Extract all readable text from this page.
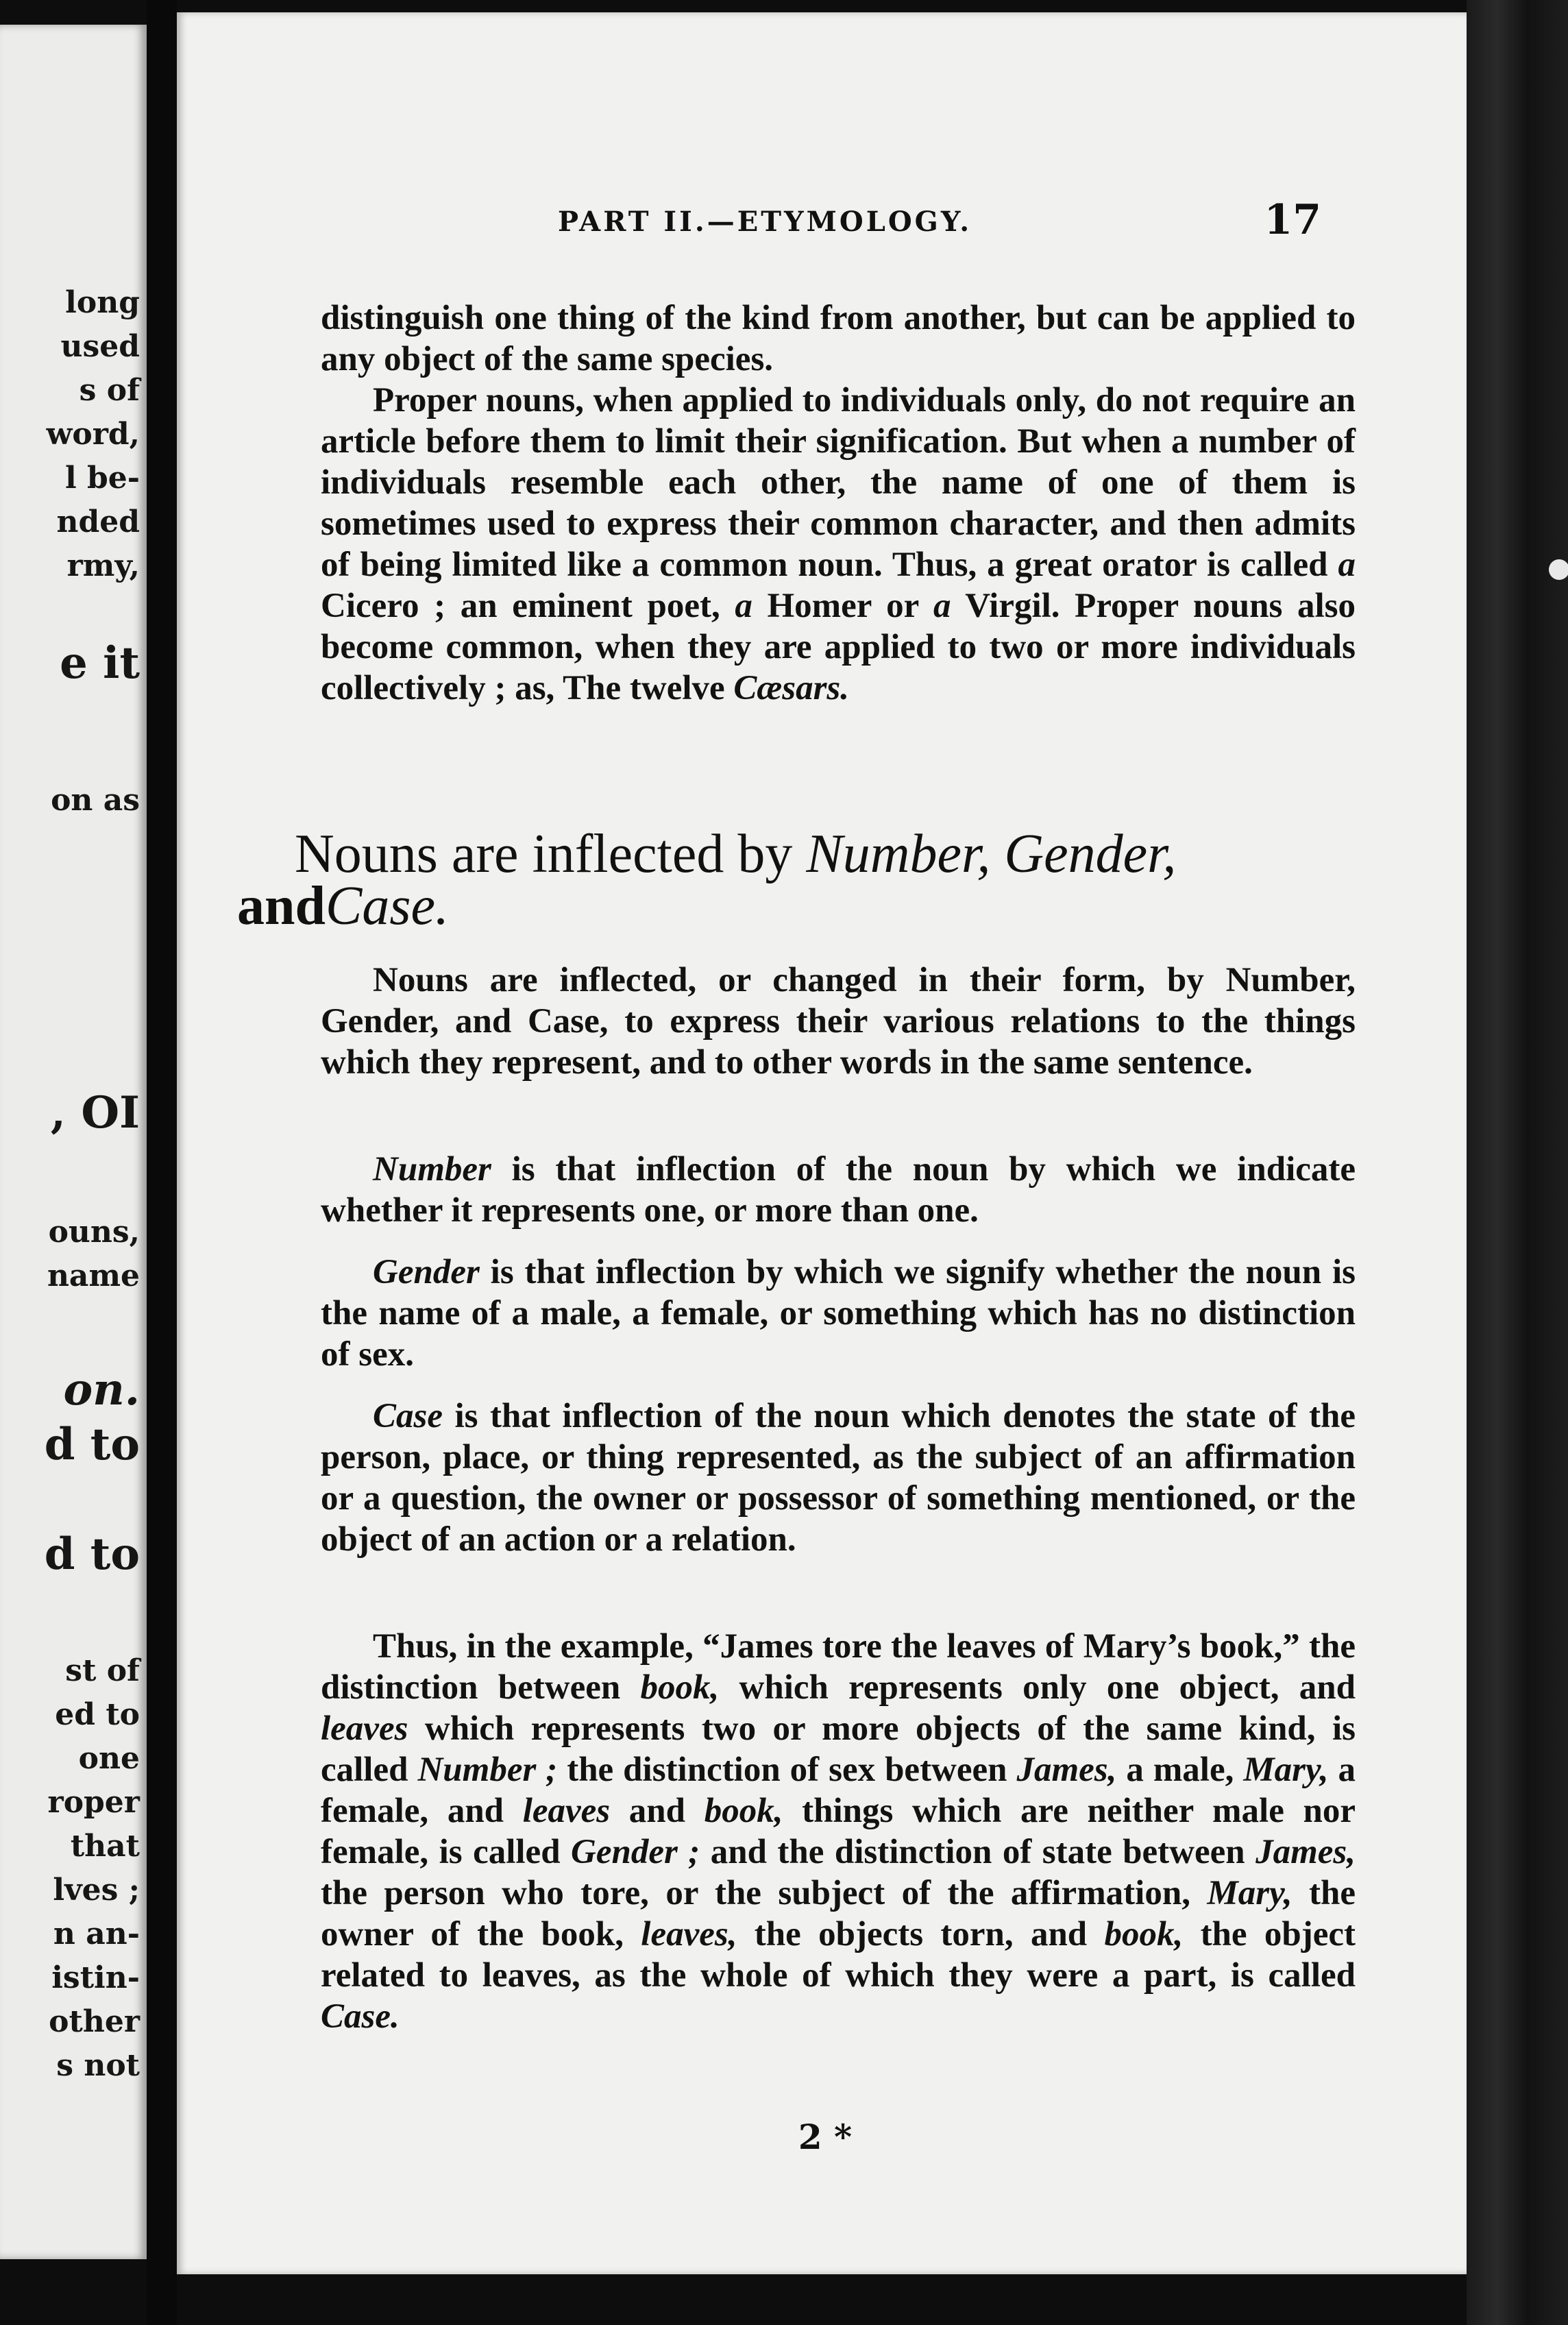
long
used
s of
word,
l be-
nded
rmy,
e it
on as
, OI
ouns,
name
on.
d to
d to
st of
ed to
one
roper
that
lves ;
n an-
istin-
other
s not
PART II.—ETYMOLOGY.	17

distinguish one thing of the kind from another, but can be applied to any object of the same species.

Proper nouns, when applied to individuals only, do not require an article before them to limit their signification. But when a number of individuals resemble each other, the name of one of them is sometimes used to express their common character, and then admits of being limited like a common noun. Thus, a great orator is called a Cicero ; an eminent poet, a Homer or a Virgil. Proper nouns also become common, when they are applied to two or more individuals collectively ; as, The twelve Cæsars.

Nouns are inflected by Number, Gender,
andCase.

Nouns are inflected, or changed in their form, by Number, Gender, and Case, to express their various relations to the things which they represent, and to other words in the same sentence.

Number is that inflection of the noun by which we indicate whether it represents one, or more than one.

Gender is that inflection by which we signify whether the noun is the name of a male, a female, or something which has no distinction of sex.

Case is that inflection of the noun which denotes the state of the person, place, or thing represented, as the subject of an affirmation or a question, the owner or possessor of something mentioned, or the object of an action or a relation.

Thus, in the example, “James tore the leaves of Mary’s book,” the distinction between book, which represents only one object, and leaves which represents two or more objects of the same kind, is called Number ; the distinction of sex between James, a male, Mary, a female, and leaves and book, things which are neither male nor female, is called Gender ; and the distinction of state between James, the person who tore, or the subject of the affirmation, Mary, the owner of the book, leaves, the objects torn, and book, the object related to leaves, as the whole of which they were a part, is called Case.

2 *
